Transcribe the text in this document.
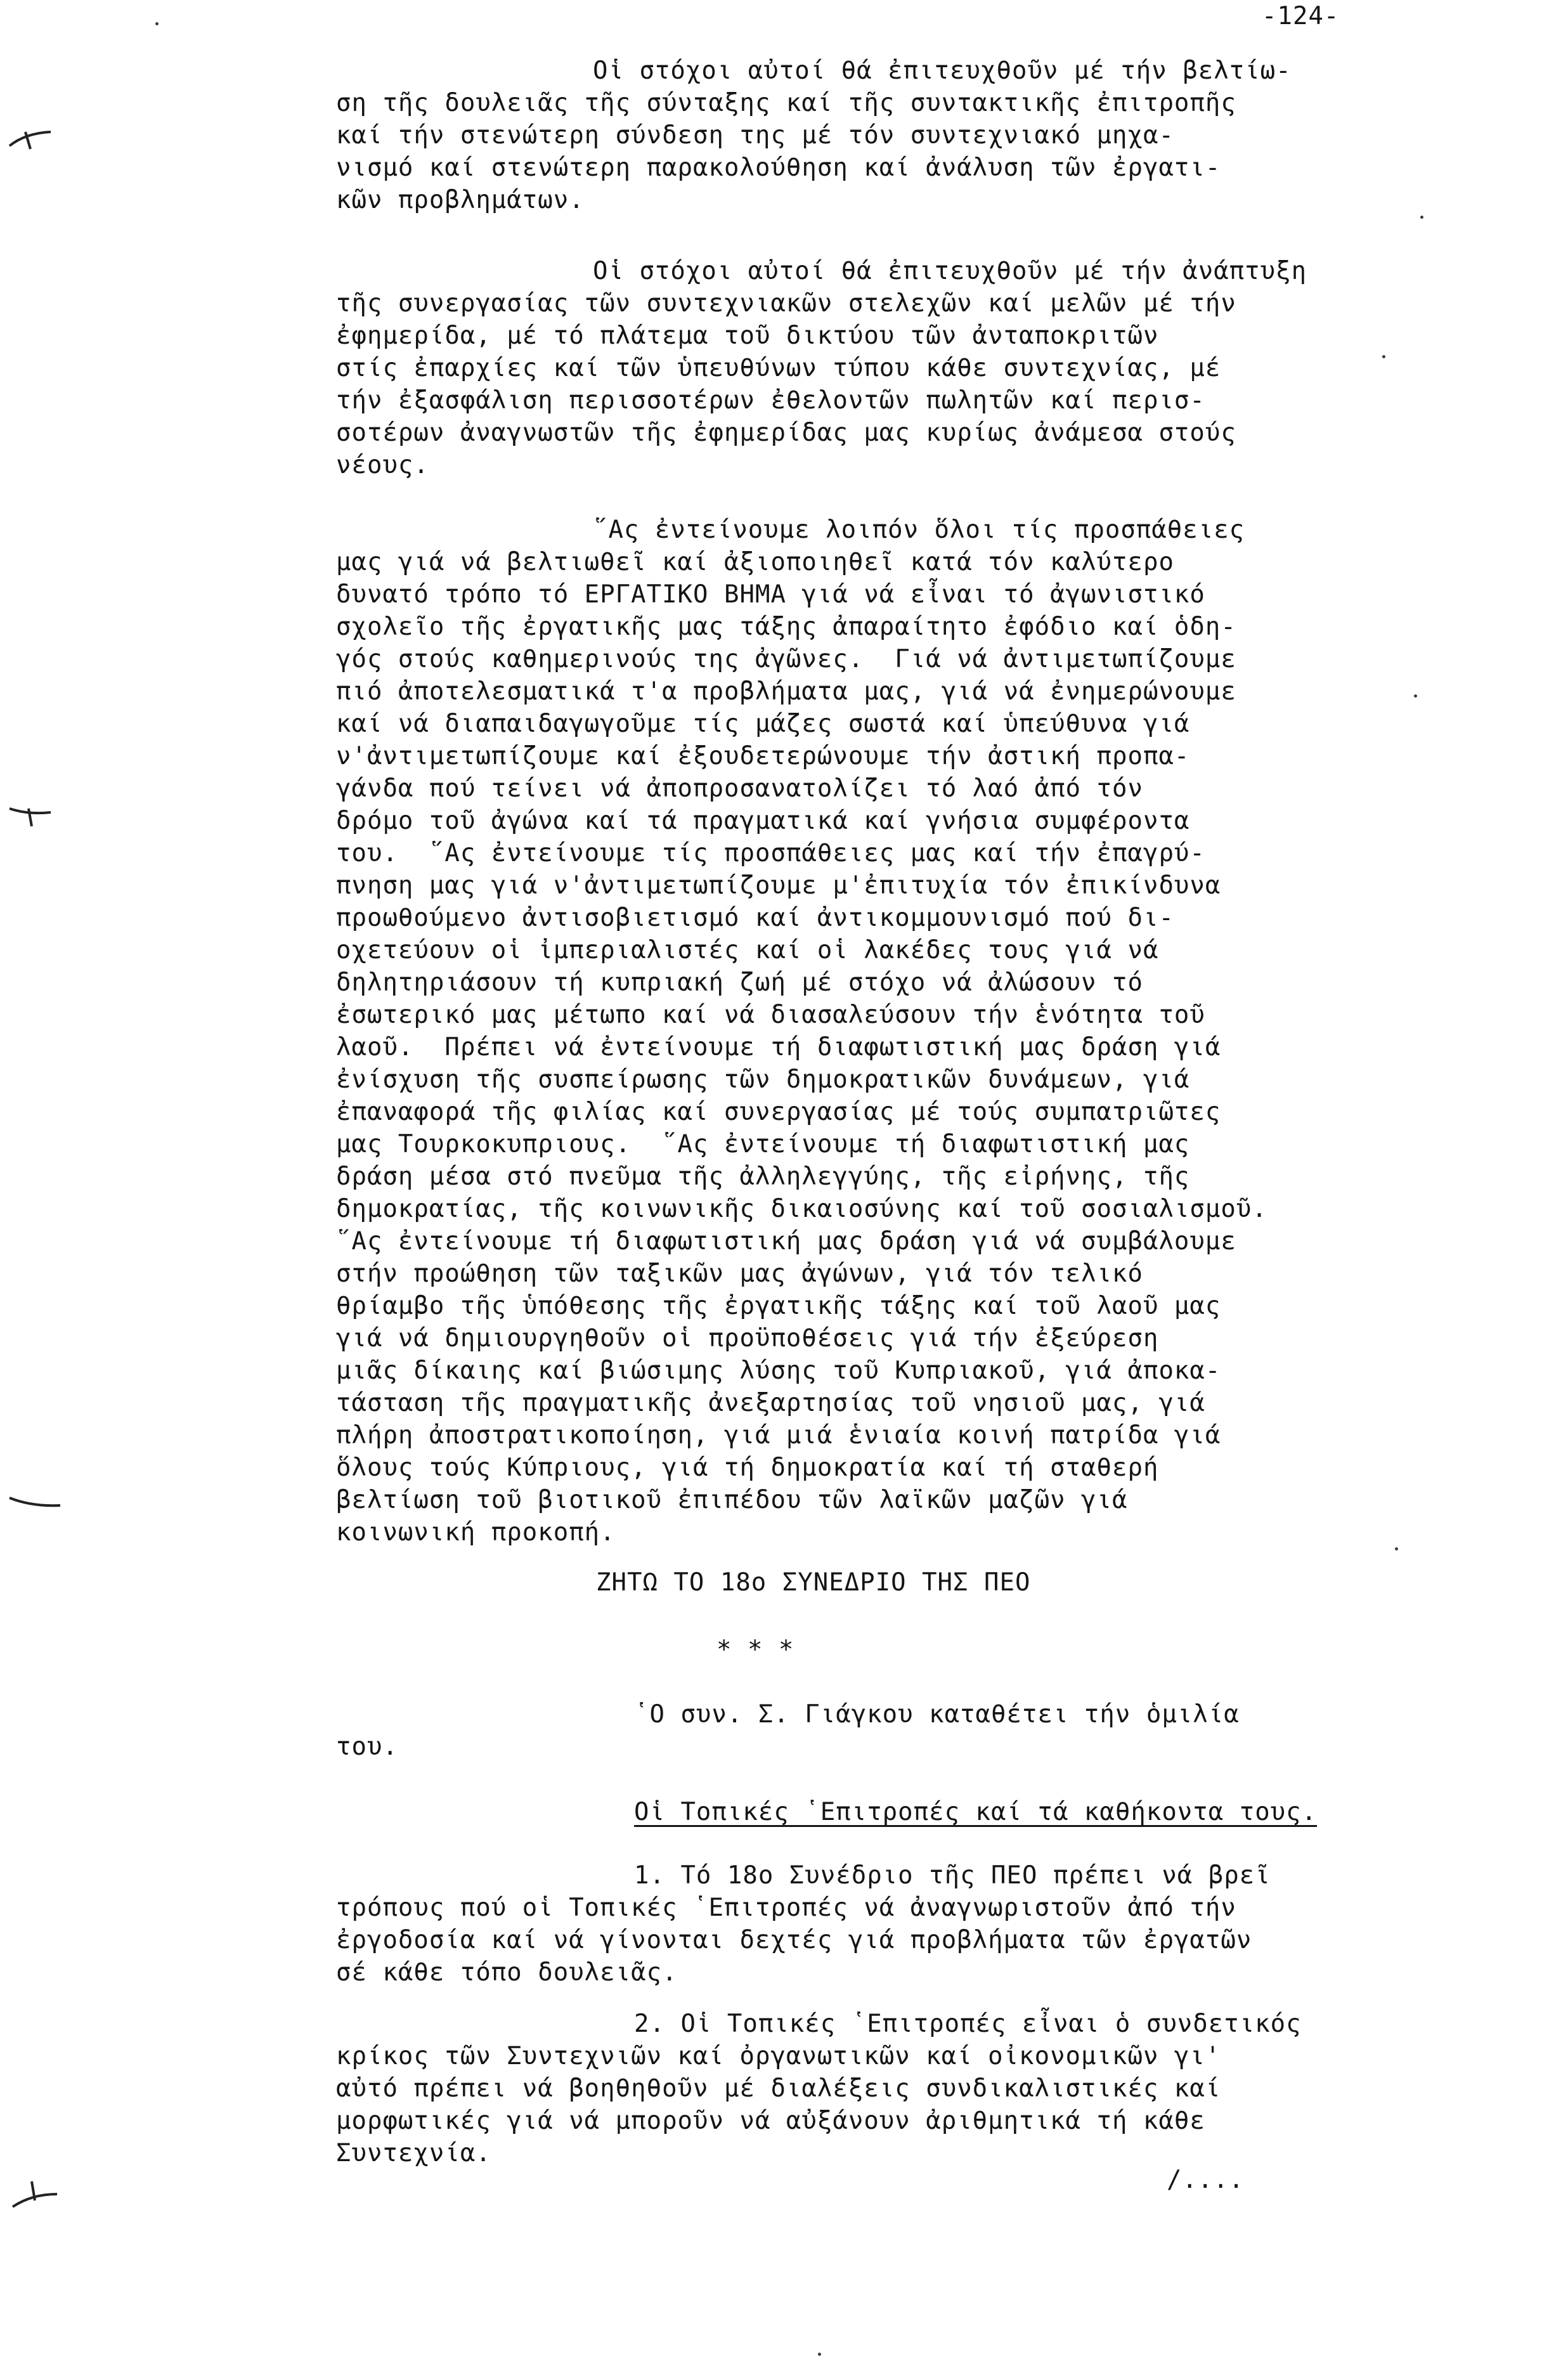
-124-
Οἱ στόχοι αὐτοί θά ἐπιτευχθοῦν μέ τήν βελτίω-
ση τῆς δουλειᾶς τῆς σύνταξης καί τῆς συντακτικῆς ἐπιτροπῆς
καί τήν στενώτερη σύνδεση της μέ τόν συντεχνιακό μηχα-
νισμό καί στενώτερη παρακολούθηση καί ἀνάλυση τῶν ἐργατι-
κῶν προβλημάτων.
Οἱ στόχοι αὐτοί θά ἐπιτευχθοῦν μέ τήν ἀνάπτυξη
τῆς συνεργασίας τῶν συντεχνιακῶν στελεχῶν καί μελῶν μέ τήν
ἐφημερίδα, μέ τό πλάτεμα τοῦ δικτύου τῶν ἀνταποκριτῶν
στίς ἐπαρχίες καί τῶν ὑπευθύνων τύπου κάθε συντεχνίας, μέ
τήν ἐξασφάλιση περισσοτέρων ἐθελοντῶν πωλητῶν καί περισ-
σοτέρων ἀναγνωστῶν τῆς ἐφημερίδας μας κυρίως ἀνάμεσα στούς
νέους.
῞Ας ἐντείνουμε λοιπόν ὅλοι τίς προσπάθειες
μας γιά νά βελτιωθεῖ καί ἀξιοποιηθεῖ κατά τόν καλύτερο
δυνατό τρόπο τό ΕΡΓΑΤΙΚΟ ΒΗΜΑ γιά νά εἶναι τό ἀγωνιστικό
σχολεῖο τῆς ἐργατικῆς μας τάξης ἀπαραίτητο ἐφόδιο καί ὁδη-
γός στούς καθημερινούς της ἀγῶνες.  Γιά νά ἀντιμετωπίζουμε
πιό ἀποτελεσματικά τ'α προβλήματα μας, γιά νά ἐνημερώνουμε
καί νά διαπαιδαγωγοῦμε τίς μάζες σωστά καί ὑπεύθυνα γιά
ν'ἀντιμετωπίζουμε καί ἐξουδετερώνουμε τήν ἀστική προπα-
γάνδα πού τείνει νά ἀποπροσανατολίζει τό λαό ἀπό τόν
δρόμο τοῦ ἀγώνα καί τά πραγματικά καί γνήσια συμφέροντα
του.  ῞Ας ἐντείνουμε τίς προσπάθειες μας καί τήν ἐπαγρύ-
πνηση μας γιά ν'ἀντιμετωπίζουμε μ'ἐπιτυχία τόν ἐπικίνδυνα
προωθούμενο ἀντισοβιετισμό καί ἀντικομμουνισμό πού δι-
οχετεύουν οἱ ἰμπεριαλιστές καί οἱ λακέδες τους γιά νά
δηλητηριάσουν τή κυπριακή ζωή μέ στόχο νά ἀλώσουν τό
ἐσωτερικό μας μέτωπο καί νά διασαλεύσουν τήν ἑνότητα τοῦ
λαοῦ.  Πρέπει νά ἐντείνουμε τή διαφωτιστική μας δράση γιά
ἐνίσχυση τῆς συσπείρωσης τῶν δημοκρατικῶν δυνάμεων, γιά
ἐπαναφορά τῆς φιλίας καί συνεργασίας μέ τούς συμπατριῶτες
μας Τουρκοκυπριους.  ῞Ας ἐντείνουμε τή διαφωτιστική μας
δράση μέσα στό πνεῦμα τῆς ἀλληλεγγύης, τῆς εἰρήνης, τῆς
δημοκρατίας, τῆς κοινωνικῆς δικαιοσύνης καί τοῦ σοσιαλισμοῦ.
῞Ας ἐντείνουμε τή διαφωτιστική μας δράση γιά νά συμβάλουμε
στήν προώθηση τῶν ταξικῶν μας ἀγώνων, γιά τόν τελικό
θρίαμβο τῆς ὑπόθεσης τῆς ἐργατικῆς τάξης καί τοῦ λαοῦ μας
γιά νά δημιουργηθοῦν οἱ προϋποθέσεις γιά τήν ἐξεύρεση
μιᾶς δίκαιης καί βιώσιμης λύσης τοῦ Κυπριακοῦ, γιά ἀποκα-
τάσταση τῆς πραγματικῆς ἀνεξαρτησίας τοῦ νησιοῦ μας, γιά
πλήρη ἀποστρατικοποίηση, γιά μιά ἑνιαία κοινή πατρίδα γιά
ὅλους τούς Κύπριους, γιά τή δημοκρατία καί τή σταθερή
βελτίωση τοῦ βιοτικοῦ ἐπιπέδου τῶν λαϊκῶν μαζῶν γιά
κοινωνική προκοπή.
ΖΗΤΩ ΤΟ 18ο ΣΥΝΕΔΡΙΟ ΤΗΣ ΠΕΟ
* * *
῾Ο συν. Σ. Γιάγκου καταθέτει τήν ὁμιλία
του.
Οἱ Τοπικές ῾Επιτροπές καί τά καθήκοντα τους.
1. Τό 18ο Συνέδριο τῆς ΠΕΟ πρέπει νά βρεῖ
τρόπους πού οἱ Τοπικές ῾Επιτροπές νά ἀναγνωριστοῦν ἀπό τήν
ἐργοδοσία καί νά γίνονται δεχτές γιά προβλήματα τῶν ἐργατῶν
σέ κάθε τόπο δουλειᾶς.
2. Οἱ Τοπικές ῾Επιτροπές εἶναι ὁ συνδετικός
κρίκος τῶν Συντεχνιῶν καί ὀργανωτικῶν καί οἰκονομικῶν γι'
αὐτό πρέπει νά βοηθηθοῦν μέ διαλέξεις συνδικαλιστικές καί
μορφωτικές γιά νά μποροῦν νά αὐξάνουν ἀριθμητικά τή κάθε
Συντεχνία.
/....
